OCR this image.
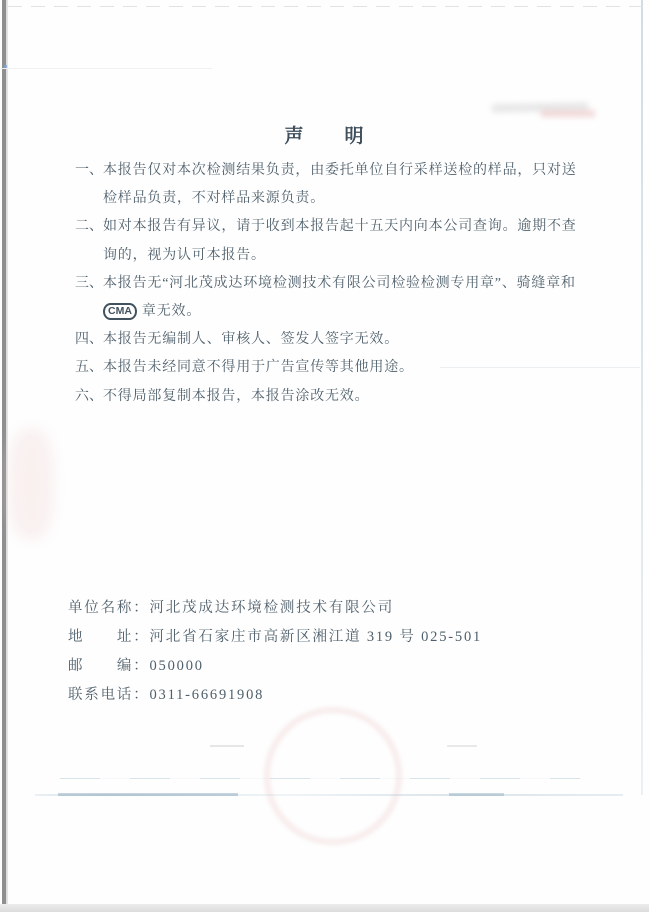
声　　明
一、 本报告仅对本次检测结果负责，由委托单位自行采样送检的样品，只对送检样品负责，不对样品来源负责。
二、 如对本报告有异议，请于收到本报告起十五天内向本公司查询。逾期不查询的，视为认可本报告。
三、 本报告无“河北茂成达环境检测技术有限公司检验检测专用章”、骑缝章和 CMA 章无效。
四、 本报告无编制人、审核人、签发人签字无效。
五、 本报告未经同意不得用于广告宣传等其他用途。
六、 不得局部复制本报告，本报告涂改无效。
单位名称：河北茂成达环境检测技术有限公司
地　　址：河北省石家庄市高新区湘江道 319 号 025-501
邮　　编：050000
联系电话：0311-66691908
